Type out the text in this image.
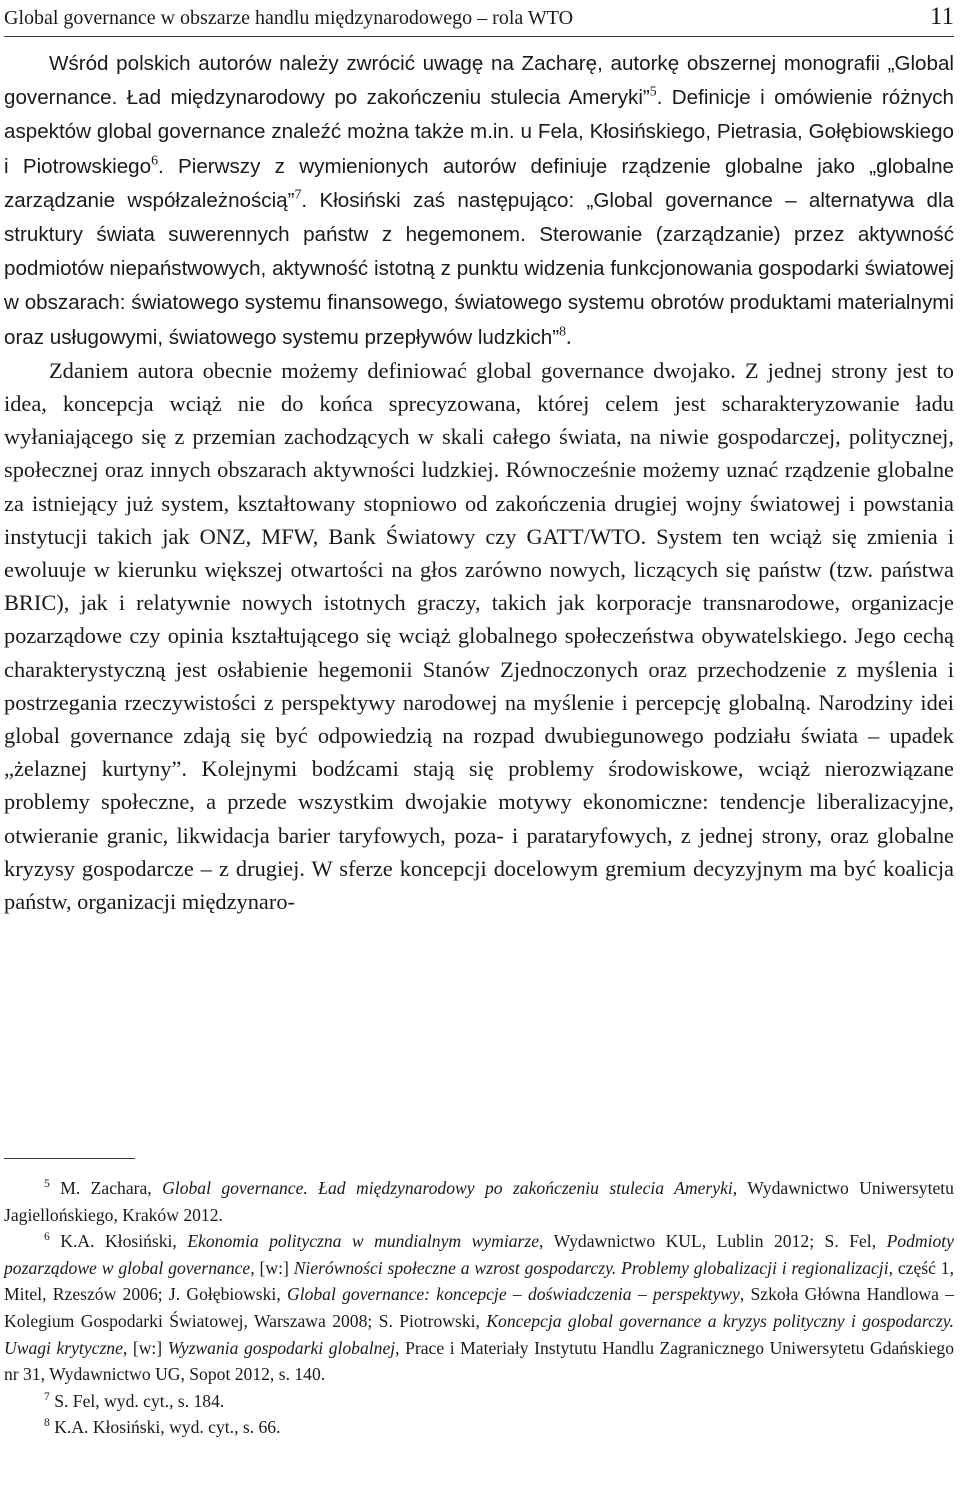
Global governance w obszarze handlu międzynarodowego – rola WTO	11

Wśród polskich autorów należy zwrócić uwagę na Zacharę, autorkę obszernej monografii „Global governance. Ład międzynarodowy po zakończeniu stulecia Ameryki”$^5$. Definicje i omówienie różnych aspektów global governance znaleźć można także m.in. u Fela, Kłosińskiego, Pietrasia, Gołębiowskiego i Piotrowskiego$^6$. Pierwszy z wymienionych autorów definiuje rządzenie globalne jako „globalne zarządzanie współzależnością”$^7$. Kłosiński zaś następująco: „Global governance – alternatywa dla struktury świata suwerennych państw z hegemonem. Sterowanie (zarządzanie) przez aktywność podmiotów niepaństwowych, aktywność istotną z punktu widzenia funkcjonowania gospodarki światowej w obszarach: światowego systemu finansowego, światowego systemu obrotów produktami materialnymi oraz usługowymi, światowego systemu przepływów ludzkich”$^8$.

Zdaniem autora obecnie możemy definiować global governance dwojako. Z jednej strony jest to idea, koncepcja wciąż nie do końca sprecyzowana, której celem jest scharakteryzowanie ładu wyłaniającego się z przemian zachodzących w skali całego świata, na niwie gospodarczej, politycznej, społecznej oraz innych obszarach aktywności ludzkiej. Równocześnie możemy uznać rządzenie globalne za istniejący już system, kształtowany stopniowo od zakończenia drugiej wojny światowej i powstania instytucji takich jak ONZ, MFW, Bank Światowy czy GATT/WTO. System ten wciąż się zmienia i ewoluuje w kierunku większej otwartości na głos zarówno nowych, liczących się państw (tzw. państwa BRIC), jak i relatywnie nowych istotnych graczy, takich jak korporacje transnarodowe, organizacje pozarządowe czy opinia kształtującego się wciąż globalnego społeczeństwa obywatelskiego. Jego cechą charakterystyczną jest osłabienie hegemonii Stanów Zjednoczonych oraz przechodzenie z myślenia i postrzegania rzeczywistości z perspektywy narodowej na myślenie i percepcję globalną. Narodziny idei global governance zdają się być odpowiedzią na rozpad dwubiegunowego podziału świata – upadek „żelaznej kurtyny”. Kolejnymi bodźcami stają się problemy środowiskowe, wciąż nierozwiązane problemy społeczne, a przede wszystkim dwojakie motywy ekonomiczne: tendencje liberalizacyjne, otwieranie granic, likwidacja barier taryfowych, poza- i parataryfowych, z jednej strony, oraz globalne kryzysy gospodarcze – z drugiej. W sferze koncepcji docelowym gremium decyzyjnym ma być koalicja państw, organizacji międzynaro-

$^5$ M. Zachara, Global governance. Ład międzynarodowy po zakończeniu stulecia Ameryki, Wydawnictwo Uniwersytetu Jagiellońskiego, Kraków 2012.

$^6$ K.A. Kłosiński, Ekonomia polityczna w mundialnym wymiarze, Wydawnictwo KUL, Lublin 2012; S. Fel, Podmioty pozarządowe w global governance, [w:] Nierówności społeczne a wzrost gospodarczy. Problemy globalizacji i regionalizacji, część 1, Mitel, Rzeszów 2006; J. Gołębiowski, Global governance: koncepcje – doświadczenia – perspektywy, Szkoła Główna Handlowa – Kolegium Gospodarki Światowej, Warszawa 2008; S. Piotrowski, Koncepcja global governance a kryzys polityczny i gospodarczy. Uwagi krytyczne, [w:] Wyzwania gospodarki globalnej, Prace i Materiały Instytutu Handlu Zagranicznego Uniwersytetu Gdańskiego nr 31, Wydawnictwo UG, Sopot 2012, s. 140.

$^7$ S. Fel, wyd. cyt., s. 184.

$^8$ K.A. Kłosiński, wyd. cyt., s. 66.
